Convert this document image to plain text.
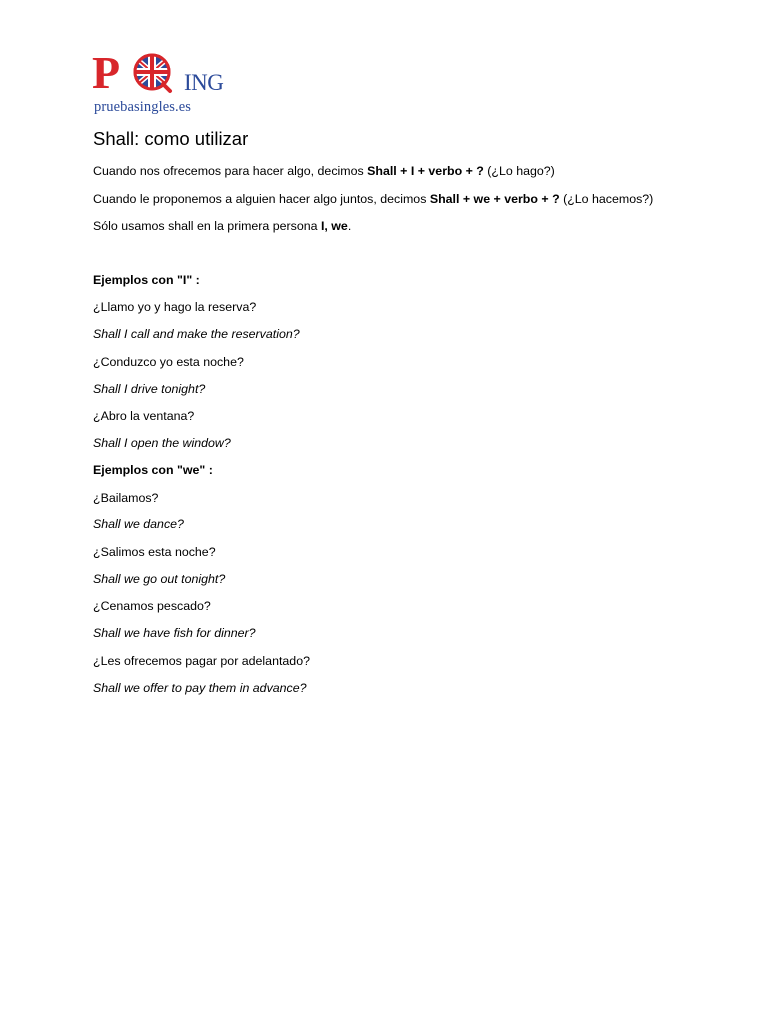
P	ING
pruebasingles.es
Shall: como utilizar
Cuando nos ofrecemos para hacer algo, decimos Shall + I + verbo + ? (¿Lo hago?)
Cuando le proponemos a alguien hacer algo juntos, decimos Shall + we + verbo + ? (¿Lo hacemos?)
Sólo usamos shall en la primera persona I, we.
Ejemplos con "I" :
¿Llamo yo y hago la reserva?
Shall I call and make the reservation?
¿Conduzco yo esta noche?
Shall I drive tonight?
¿Abro la ventana?
Shall I open the window?
Ejemplos con "we" :
¿Bailamos?
Shall we dance?
¿Salimos esta noche?
Shall we go out tonight?
¿Cenamos pescado?
Shall we have fish for dinner?
¿Les ofrecemos pagar por adelantado?
Shall we offer to pay them in advance?
